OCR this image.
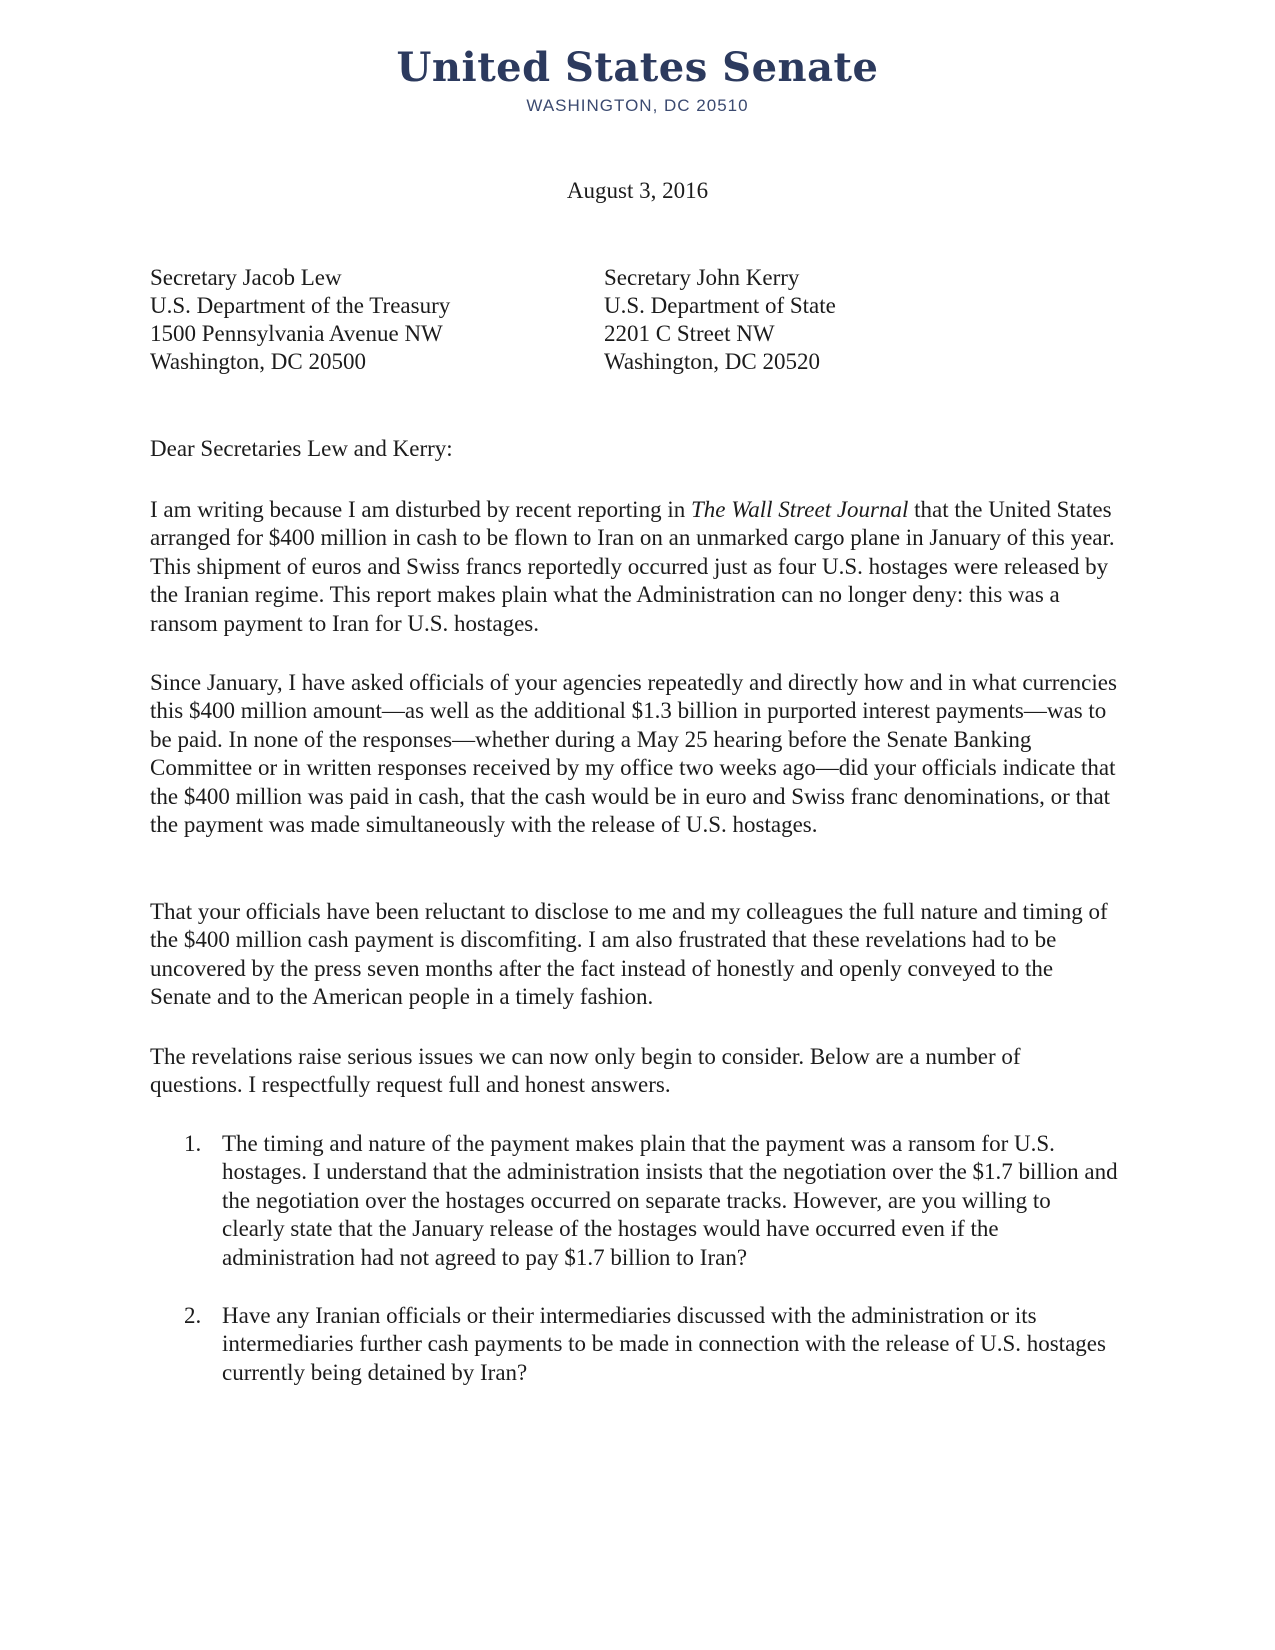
United States Senate
WASHINGTON, DC 20510
August 3, 2016
Secretary Jacob Lew
U.S. Department of the Treasury
1500 Pennsylvania Avenue NW
Washington, DC 20500
Secretary John Kerry
U.S. Department of State
2201 C Street NW
Washington, DC 20520
Dear Secretaries Lew and Kerry:

I am writing because I am disturbed by recent reporting in The Wall Street Journal that the United States arranged for $400 million in cash to be flown to Iran on an unmarked cargo plane in January of this year. This shipment of euros and Swiss francs reportedly occurred just as four U.S. hostages were released by the Iranian regime. This report makes plain what the Administration can no longer deny: this was a ransom payment to Iran for U.S. hostages.

Since January, I have asked officials of your agencies repeatedly and directly how and in what currencies this $400 million amount—as well as the additional $1.3 billion in purported interest payments—was to be paid. In none of the responses—whether during a May 25 hearing before the Senate Banking Committee or in written responses received by my office two weeks ago—did your officials indicate that the $400 million was paid in cash, that the cash would be in euro and Swiss franc denominations, or that the payment was made simultaneously with the release of U.S. hostages.

That your officials have been reluctant to disclose to me and my colleagues the full nature and timing of the $400 million cash payment is discomfiting. I am also frustrated that these revelations had to be uncovered by the press seven months after the fact instead of honestly and openly conveyed to the Senate and to the American people in a timely fashion.

The revelations raise serious issues we can now only begin to consider. Below are a number of questions. I respectfully request full and honest answers.

1. The timing and nature of the payment makes plain that the payment was a ransom for U.S. hostages. I understand that the administration insists that the negotiation over the $1.7 billion and the negotiation over the hostages occurred on separate tracks. However, are you willing to clearly state that the January release of the hostages would have occurred even if the administration had not agreed to pay $1.7 billion to Iran?
2. Have any Iranian officials or their intermediaries discussed with the administration or its intermediaries further cash payments to be made in connection with the release of U.S. hostages currently being detained by Iran?
